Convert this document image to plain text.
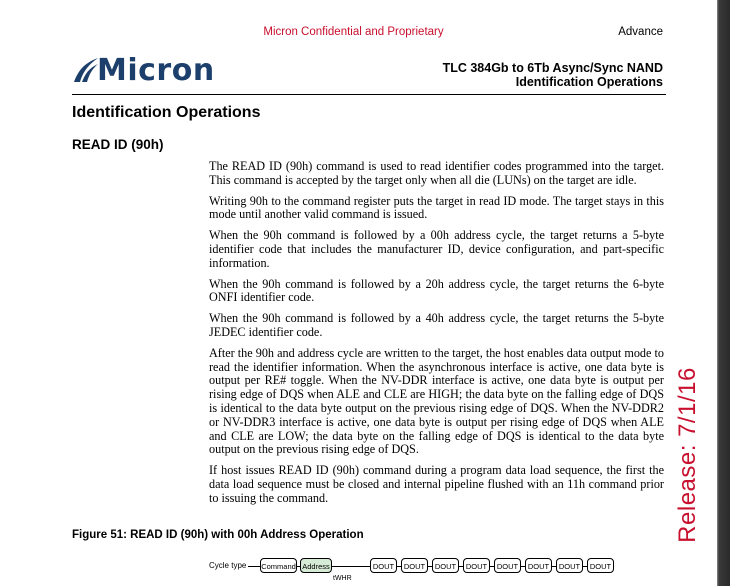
Micron Confidential and Proprietary	Advance
Micron	TLC 384Gb to 6Tb Async/Sync NAND
Identification Operations
Identification Operations
READ ID (90h)

The READ ID (90h) command is used to read identifier codes programmed into the target. This command is accepted by the target only when all die (LUNs) on the target are idle.

Writing 90h to the command register puts the target in read ID mode. The target stays in this mode until another valid command is issued.

When the 90h command is followed by a 00h address cycle, the target returns a 5-byte identifier code that includes the manufacturer ID, device configuration, and part-specific information.

When the 90h command is followed by a 20h address cycle, the target returns the 6-byte ONFI identifier code.

When the 90h command is followed by a 40h address cycle, the target returns the 5-byte JEDEC identifier code.

After the 90h and address cycle are written to the target, the host enables data output mode to read the identifier information. When the asynchronous interface is active, one data byte is output per RE# toggle. When the NV-DDR interface is active, one data byte is output per rising edge of DQS when ALE and CLE are HIGH; the data byte on the falling edge of DQS is identical to the data byte output on the previous rising edge of DQS. When the NV-DDR2 or NV-DDR3 interface is active, one data byte is output per rising edge of DQS when ALE and CLE are LOW; the data byte on the falling edge of DQS is identical to the data byte output on the previous rising edge of DQS.

If host issues READ ID (90h) command during a program data load sequence, the first the data load sequence must be closed and internal pipeline flushed with an 11h command prior to issuing the command.	Release: 7/1/16
Figure 51: READ ID (90h) with 00h Address Operation
Cycle type Command Address
tWHR
DOUT	DOUT	DOUT	DOUT	DOUT	DOUT	DOUT	DOUT
